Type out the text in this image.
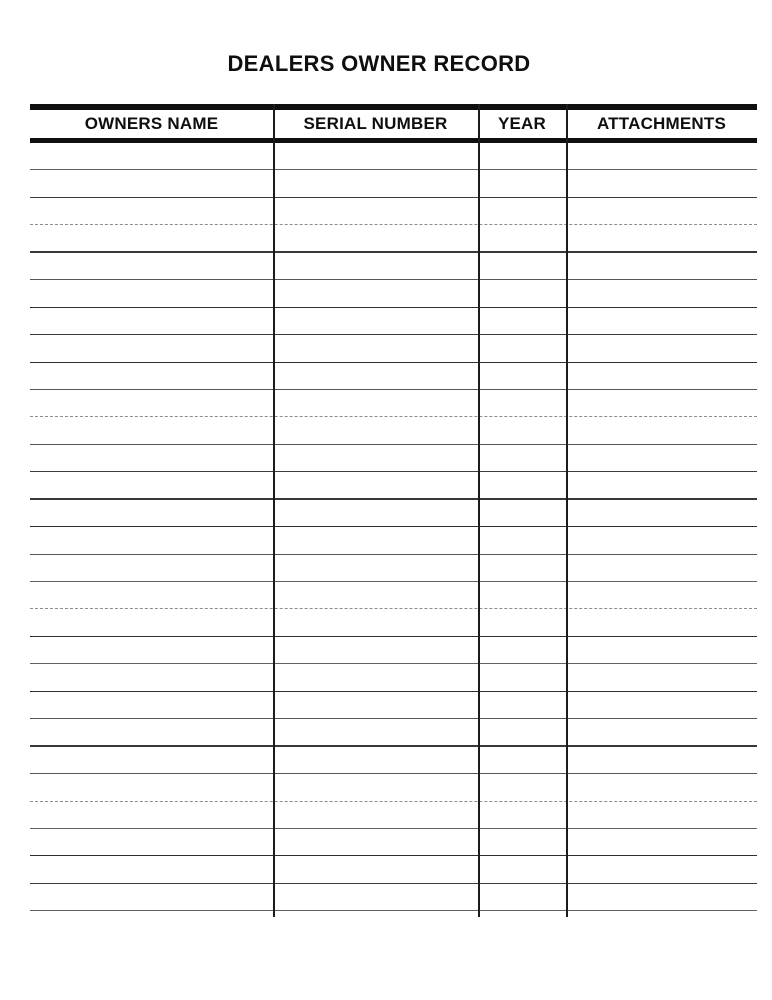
DEALERS OWNER RECORD
OWNERS NAME	SERIAL NUMBER	YEAR	ATTACHMENTS
